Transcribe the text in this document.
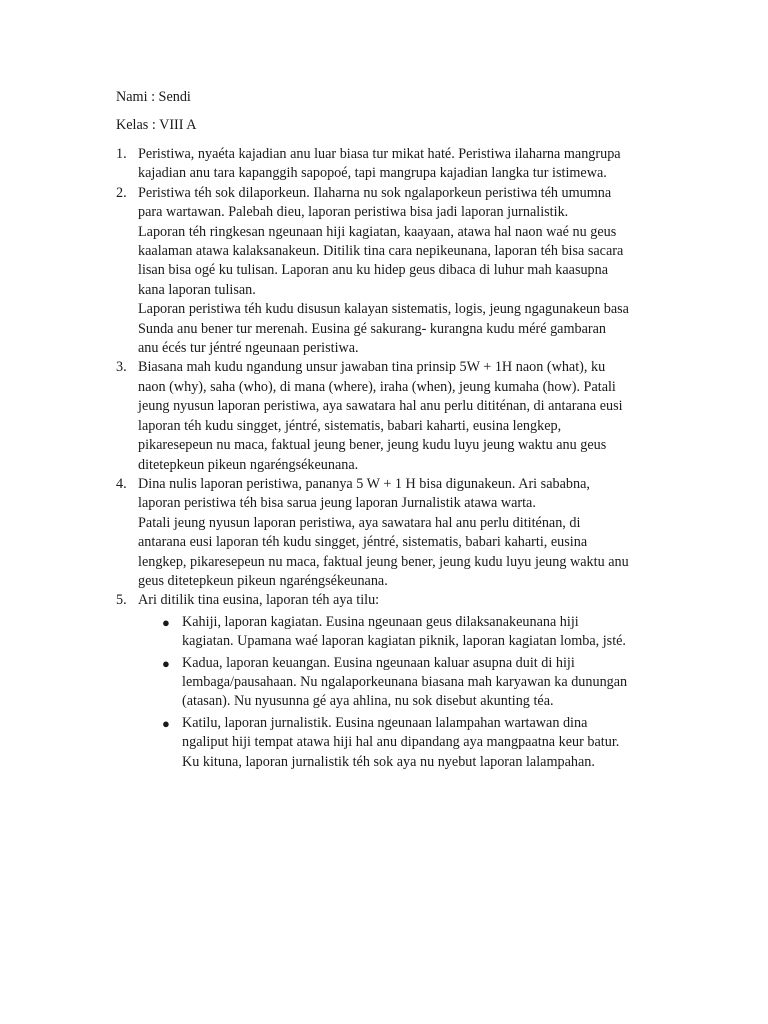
Nami : Sendi
Kelas : VIII A
1. Peristiwa, nyaéta kajadian anu luar biasa tur mikat haté. Peristiwa ilaharna mangrupa
kajadian anu tara kapanggih sapopoé, tapi mangrupa kajadian langka tur istimewa.
2. Peristiwa téh sok dilaporkeun. Ilaharna nu sok ngalaporkeun peristiwa téh umumna
para wartawan. Palebah dieu, laporan peristiwa bisa jadi laporan jurnalistik.
Laporan téh ringkesan ngeunaan hiji kagiatan, kaayaan, atawa hal naon waé nu geus
kaalaman atawa kalaksanakeun. Ditilik tina cara nepikeunana, laporan téh bisa sacara
lisan bisa ogé ku tulisan. Laporan anu ku hidep geus dibaca di luhur mah kaasupna
kana laporan tulisan.
Laporan peristiwa téh kudu disusun kalayan sistematis, logis, jeung ngagunakeun basa
Sunda anu bener tur merenah. Eusina gé sakurang- kurangna kudu méré gambaran
anu écés tur jéntré ngeunaan peristiwa.
3. Biasana mah kudu ngandung unsur jawaban tina prinsip 5W + 1H naon (what), ku
naon (why), saha (who), di mana (where), iraha (when), jeung kumaha (how). Patali
jeung nyusun laporan peristiwa, aya sawatara hal anu perlu dititénan, di antarana eusi
laporan téh kudu singget, jéntré, sistematis, babari kaharti, eusina lengkep,
pikaresepeun nu maca, faktual jeung bener, jeung kudu luyu jeung waktu anu geus
ditetepkeun pikeun ngaréngsékeunana.
4. Dina nulis laporan peristiwa, pananya 5 W + 1 H bisa digunakeun. Ari sababna,
laporan peristiwa téh bisa sarua jeung laporan Jurnalistik atawa warta.
Patali jeung nyusun laporan peristiwa, aya sawatara hal anu perlu dititénan, di
antarana eusi laporan téh kudu singget, jéntré, sistematis, babari kaharti, eusina
lengkep, pikaresepeun nu maca, faktual jeung bener, jeung kudu luyu jeung waktu anu
geus ditetepkeun pikeun ngaréngsékeunana.
5. Ari ditilik tina eusina, laporan téh aya tilu:
● Kahiji, laporan kagiatan. Eusina ngeunaan geus dilaksanakeunana hiji
kagiatan. Upamana waé laporan kagiatan piknik, laporan kagiatan lomba, jsté.
● Kadua, laporan keuangan. Eusina ngeunaan kaluar asupna duit di hiji
lembaga/pausahaan. Nu ngalaporkeunana biasana mah karyawan ka dunungan
(atasan). Nu nyusunna gé aya ahlina, nu sok disebut akunting téa.
● Katilu, laporan jurnalistik. Eusina ngeunaan lalampahan wartawan dina
ngaliput hiji tempat atawa hiji hal anu dipandang aya mangpaatna keur batur.
Ku kituna, laporan jurnalistik téh sok aya nu nyebut laporan lalampahan.
